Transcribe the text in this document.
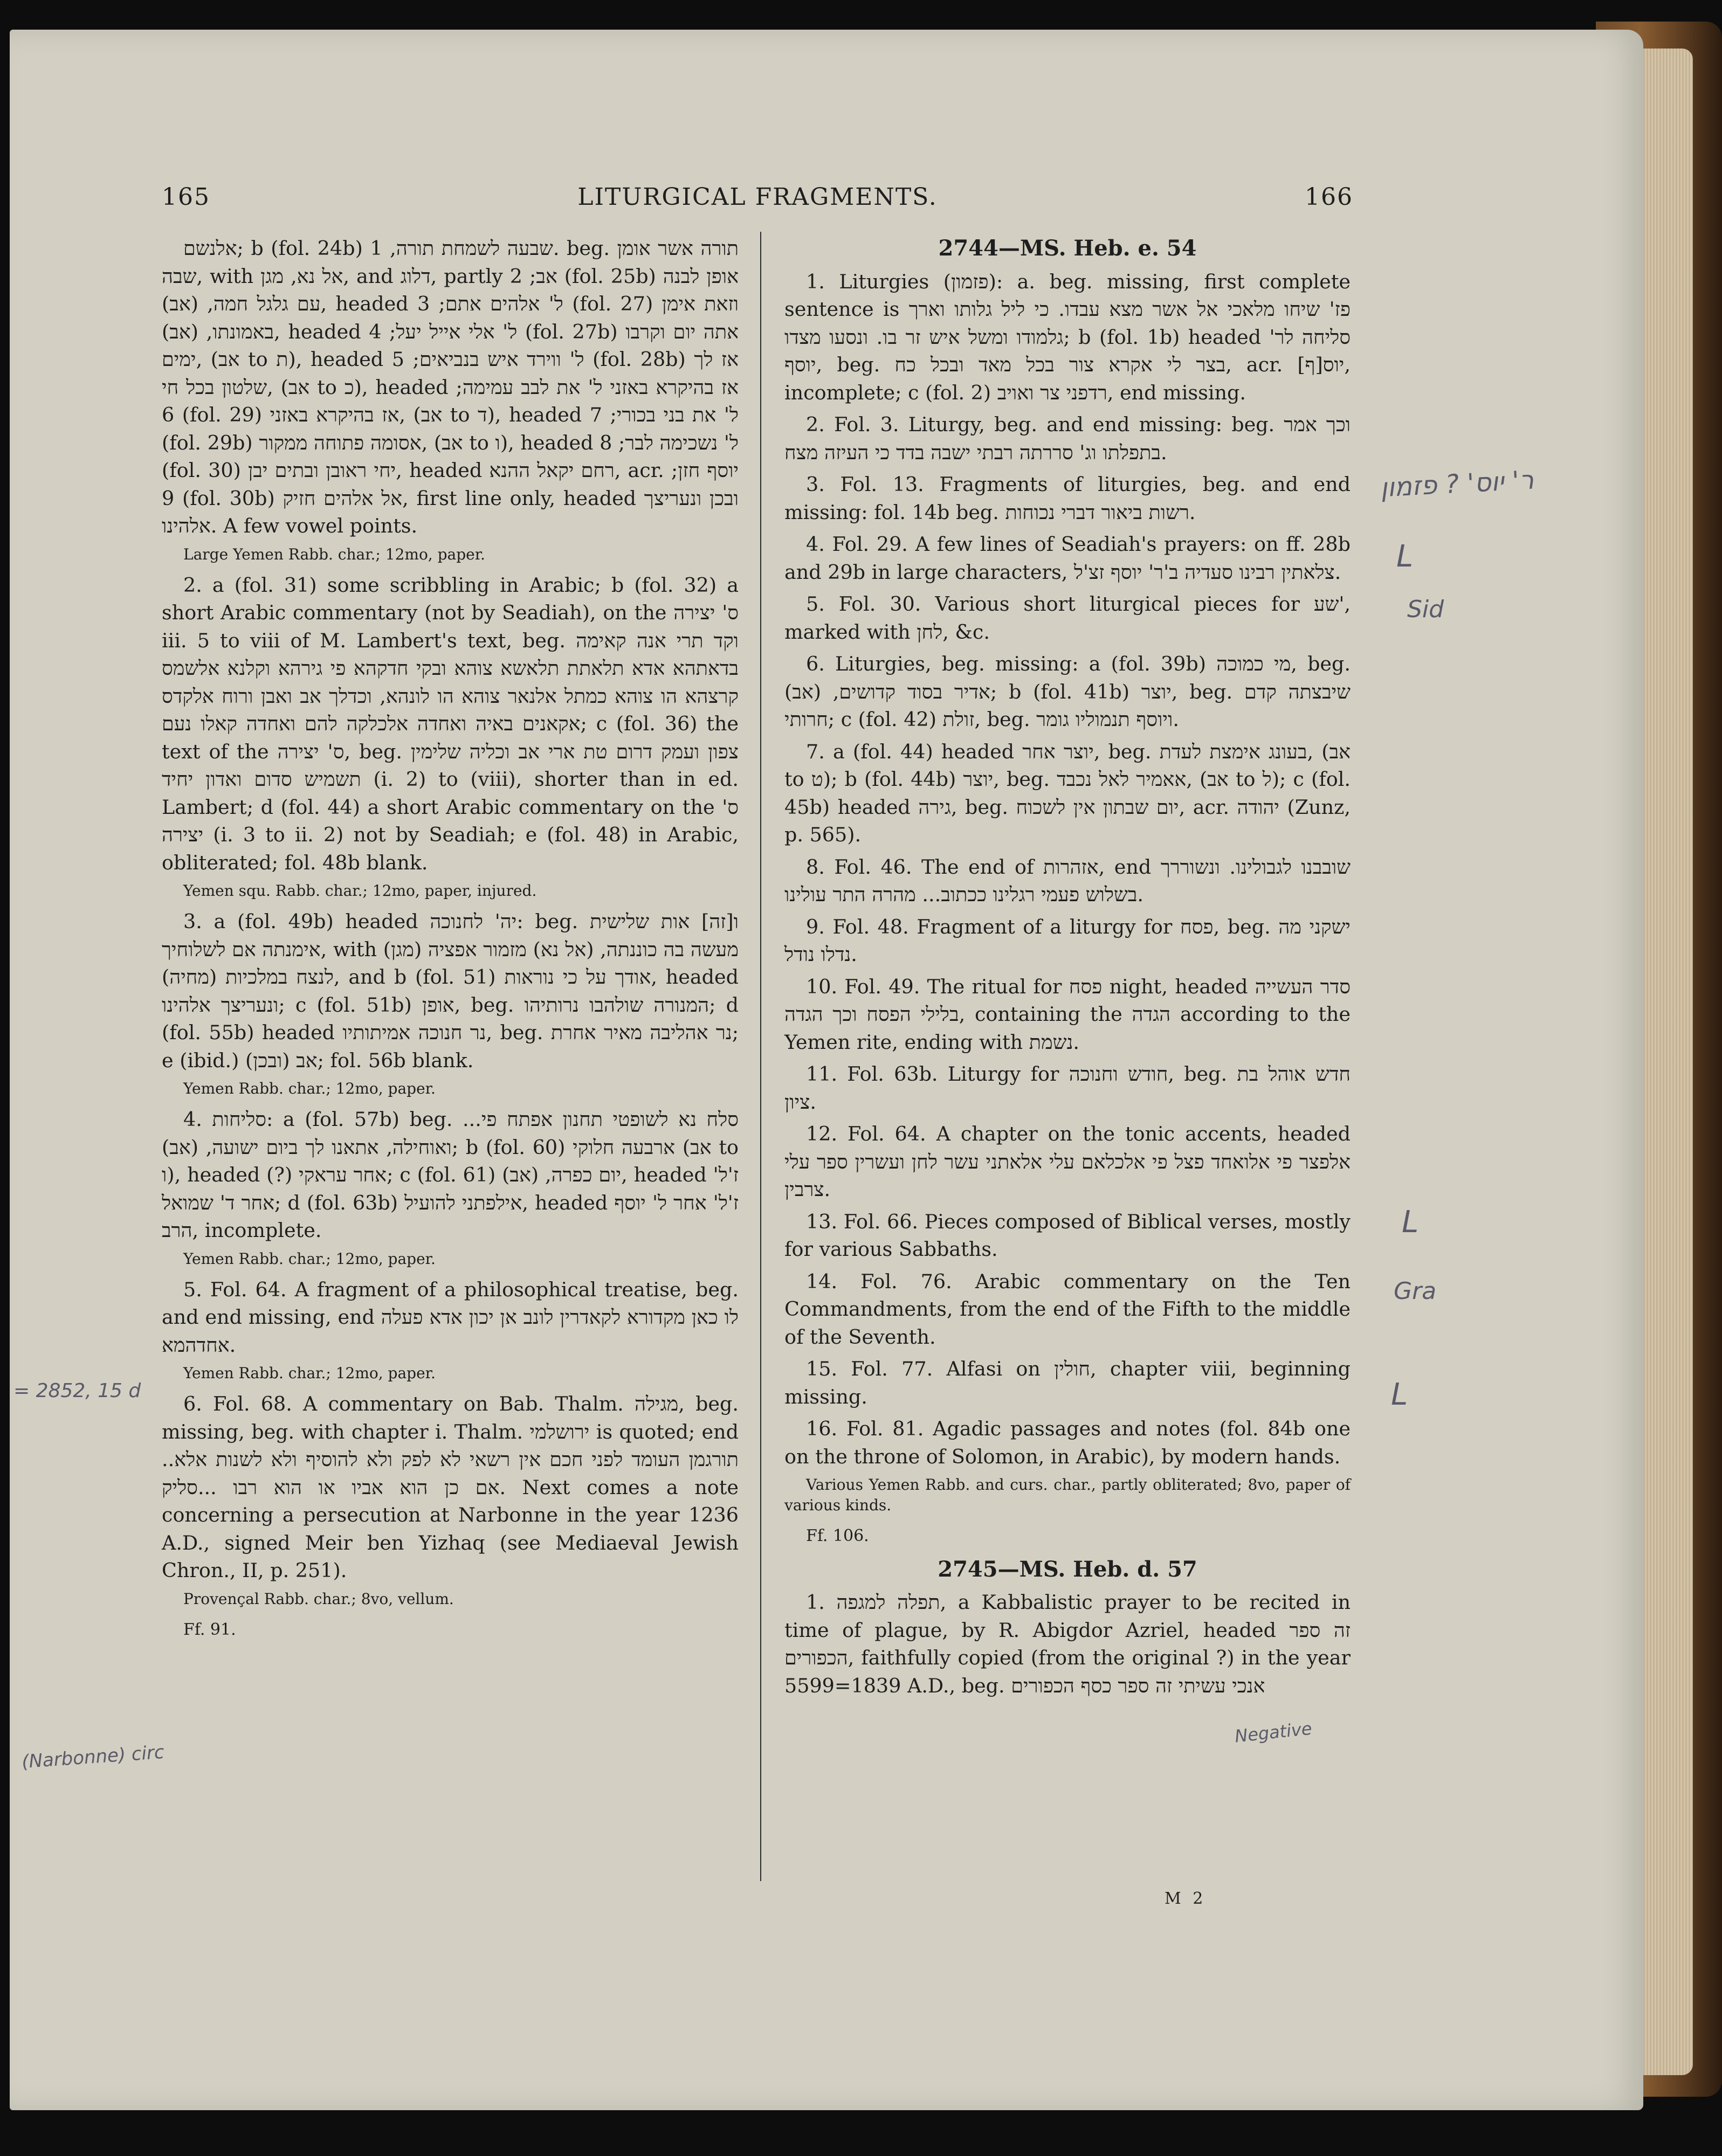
165	LITURGICAL FRAGMENTS.	166

אלנשם; b (fol. 24b) שבעה לשמחת תורה, 1. beg. תורה אשר אומן שבה, with אל נא, מגן, and דלוג, partly אב; 2 (fol. 25b) אופן לבנה עם גלגל חמה, (אב), headed ל' אלהים אתם; 3 (fol. 27) וזאת אימן באמונתו, (אב), headed ל' אלי אייל יעל; 4 (fol. 27b) אתה יום וקרבו ימים, (אב to ת), headed ל' ווירד איש בנביאים; 5 (fol. 28b) אז לך שלטון בכל חי, (אב to כ), headed אז בהיקרא באזני ל' את לבב עמימה; 6 (fol. 29) אז בהיקרא באזני, (אב to ד), headed ל' את בני בכורי; 7 (fol. 29b) אסומה פתוחה ממקור, (אב to ו), headed ל' נשכימה לבר; 8 (fol. 30) יחי ראובן ובתים יבן, headed רחם יקאל ההנא, acr. יוסף חזן; 9 (fol. 30b) אל אלהים חזיק, first line only, headed ובכן ונעריצך אלהינו. A few vowel points.

Large Yemen Rabb. char.; 12mo, paper.

2. a (fol. 31) some scribbling in Arabic; b (fol. 32) a short Arabic commentary (not by Seadiah), on the ס' יצירה iii. 5 to viii of M. Lambert's text, beg. וקד תרי אנה קאימה בדאתהא אדא תלאתת תלאשא צוהא ובקי חדקהא פי גירהא וקלנא אלשמס קרצהא הו צוהא כמתל אלנאר צוהא הו לונהא, וכדלך אב ואבן ורוח אלקדס אקאנים באיה ואחדה אלכלקה להם ואחדה קאלו נעם; c (fol. 36) the text of the ס' יצירה, beg. צפון ועמק דרום טת ארי אב וכליה שלימין תשמיש סדום ואדון יחיד (i. 2) to (viii), shorter than in ed. Lambert; d (fol. 44) a short Arabic commentary on the ס' יצירה (i. 3 to ii. 2) not by Seadiah; e (fol. 48) in Arabic, obliterated; fol. 48b blank.

Yemen squ. Rabb. char.; 12mo, paper, injured.

3. a (fol. 49b) headed יה' לחנוכה: beg. ו[זה] אות שלישית אימנתה אם לשלוחיך, with (מגן) מעשה בה כוננתה, (אל נא) מזמור אפציה לנצח במלכיות (מחיה), and b (fol. 51) אודך על כי נוראות, headed ונעריצך אלהינו; c (fol. 51b) אופן, beg. המנורה שולהבו נרותיהו; d (fol. 55b) headed נר חנוכה אמיתותיו, beg. נר אהליבה מאיר אחרת; e (ibid.) (ובכן) אב; fol. 56b blank.

Yemen Rabb. char.; 12mo, paper.

4. סליחות: a (fol. 57b) beg. ...סלח נא לשופטי תחנון אפתח פי ואוחילה, אתאנו לך ביום ישועה, (אב); b (fol. 60) ארבעה חלוקי (אב to ו), headed (?) אחר עראקי; c (fol. 61) יום כפרה, (אב), headed ז'ל' אחר ד' שמואל; d (fol. 63b) אילפתני להועיל, headed ז'ל' אחר ל' יוסף הרב, incomplete.

Yemen Rabb. char.; 12mo, paper.

5. Fol. 64. A fragment of a philosophical treatise, beg. and end missing, end לו כאן מקדורא לקאדרין לונב אן יכון אדא פעלה אחדהמא.

Yemen Rabb. char.; 12mo, paper.

6. Fol. 68. A commentary on Bab. Thalm. מגילה, beg. missing, beg. with chapter i. Thalm. ירושלמי is quoted; end ..תורגמן העומד לפני חכם אין רשאי לא לפק ולא להוסיף ולא לשנות אלא אם כן הוא אביו או הוא רבו ...סליק. Next comes a note concerning a persecution at Narbonne in the year 1236 A.D., signed Meir ben Yizhaq (see Mediaeval Jewish Chron., II, p. 251).

Provençal Rabb. char.; 8vo, vellum.

Ff. 91.

2744—MS. Heb. e. 54

1. Liturgies (פזמון): a. beg. missing, first complete sentence is פז' שיחו מלאכי אל אשר מצא עבדו. כי ליל גלותו וארך גלמודו ומשל איש זר בו. ונסעו מצדו; b (fol. 1b) headed סליחה לר' יוסף, beg. בצר לי אקרא צור בכל מאד ובכל כח, acr. יוס[ף], incomplete; c (fol. 2) רדפני צר ואויב, end missing.

2. Fol. 3. Liturgy, beg. and end missing: beg. וכך אמר בתפלתו וג' סררתה רבתי ישבה בדד כי העיזה מצח.

3. Fol. 13. Fragments of liturgies, beg. and end missing: fol. 14b beg. רשות ביאור דברי נכוחות.

4. Fol. 29. A few lines of Seadiah's prayers: on ff. 28b and 29b in large characters, צלאתין רבינו סעדיה ב'ר' יוסף זצ'ל.

5. Fol. 30. Various short liturgical pieces for שע', marked with לחן, &c.

6. Liturgies, beg. missing: a (fol. 39b) מי כמוכה, beg. אדיר בסוד קדושים, (אב); b (fol. 41b) יוצר, beg. שיבצתה קדם חרותי; c (fol. 42) זולת, beg. ויוסף תנמוליו גומר.

7. a (fol. 44) headed יוצר אחר, beg. בעונג אימצת לעדת, (אב to ט); b (fol. 44b) יוצר, beg. אאמיר לאל נכבד, (אב to ל); c (fol. 45b) headed גירה, beg. יום שבתון אין לשכוח, acr. יהודה (Zunz, p. 565).

8. Fol. 46. The end of אזהרות, end שובבנו לגבולינו. ונשוררך בשלוש פעמי רגלינו ככתוב... מהרה התר עולינו.

9. Fol. 48. Fragment of a liturgy for פסח, beg. ישקני מה נדלו נודל.

10. Fol. 49. The ritual for פסח night, headed סדר העשייה בלילי הפסח וכך הגדה, containing the הגדה according to the Yemen rite, ending with נשמת.

11. Fol. 63b. Liturgy for חודש וחנוכה, beg. חדש אוהל בת ציון.

12. Fol. 64. A chapter on the tonic accents, headed אלפצר פי אלואחד פצל פי אלכלאם עלי אלאתני עשר לחן ועשרין ספר עלי צרבין.

13. Fol. 66. Pieces composed of Biblical verses, mostly for various Sabbaths.

14. Fol. 76. Arabic commentary on the Ten Commandments, from the end of the Fifth to the middle of the Seventh.

15. Fol. 77. Alfasi on חולין, chapter viii, beginning missing.

16. Fol. 81. Agadic passages and notes (fol. 84b one on the throne of Solomon, in Arabic), by modern hands.

Various Yemen Rabb. and curs. char., partly obliterated; 8vo, paper of various kinds.

Ff. 106.

2745—MS. Heb. d. 57

1. תפלה למגפה, a Kabbalistic prayer to be recited in time of plague, by R. Abigdor Azriel, headed זה ספר הכפורים, faithfully copied (from the original ?) in the year 5599=1839 A.D., beg. אנכי עשיתי זה ספר כסף הכפורים

M 2
= 2852, 15 d
(Narbonne) circ
ר' יוס' ? פזמון
L
Sid
L
Gra
L
Negative
